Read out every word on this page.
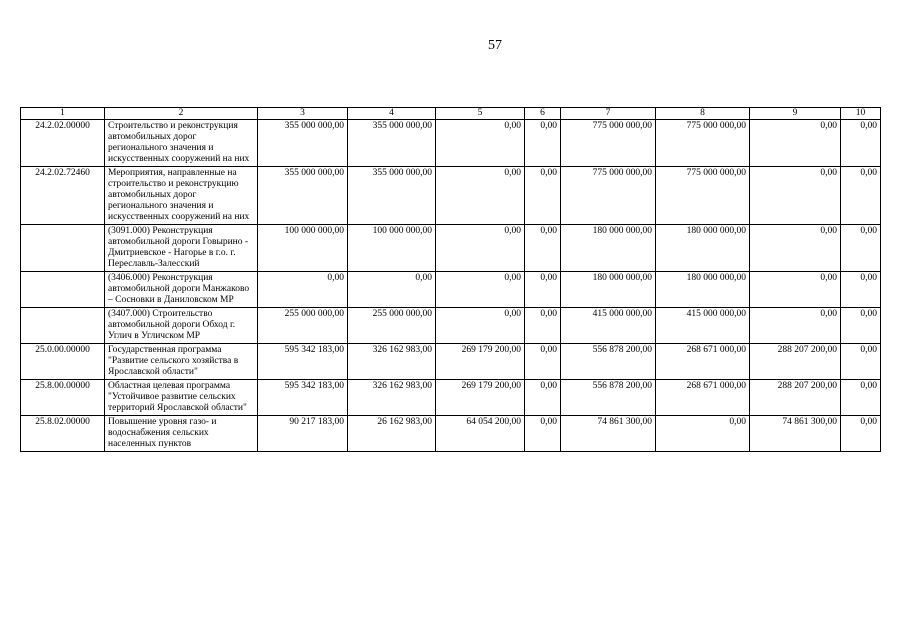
57
1	2	3	4	5	6	7	8	9	10
24.2.02.00000	Строительство и реконструкция автомобильных дорог регионального значения и искусственных сооружений на них	355 000 000,00	355 000 000,00	0,00	0,00	775 000 000,00	775 000 000,00	0,00	0,00
24.2.02.72460	Мероприятия, направленные на строительство и реконструкцию автомобильных дорог регионального значения и искусственных сооружений на них	355 000 000,00	355 000 000,00	0,00	0,00	775 000 000,00	775 000 000,00	0,00	0,00
	(3091.000) Реконструкция автомобильной дороги Говырино - Дмитриевское - Нагорье в г.о. г. Переславль-Залесский	100 000 000,00	100 000 000,00	0,00	0,00	180 000 000,00	180 000 000,00	0,00	0,00
	(3406.000) Реконструкция автомобильной дороги Манжаково – Сосновки в Даниловском МР	0,00	0,00	0,00	0,00	180 000 000,00	180 000 000,00	0,00	0,00
	(3407.000) Строительство автомобильной дороги Обход г. Углич в Угличском МР	255 000 000,00	255 000 000,00	0,00	0,00	415 000 000,00	415 000 000,00	0,00	0,00
25.0.00.00000	Государственная программа "Развитие сельского хозяйства в Ярославской области"	595 342 183,00	326 162 983,00	269 179 200,00	0,00	556 878 200,00	268 671 000,00	288 207 200,00	0,00
25.8.00.00000	Областная целевая программа "Устойчивое развитие сельских территорий Ярославской области"	595 342 183,00	326 162 983,00	269 179 200,00	0,00	556 878 200,00	268 671 000,00	288 207 200,00	0,00
25.8.02.00000	Повышение уровня газо- и водоснабжения сельских населенных пунктов	90 217 183,00	26 162 983,00	64 054 200,00	0,00	74 861 300,00	0,00	74 861 300,00	0,00
